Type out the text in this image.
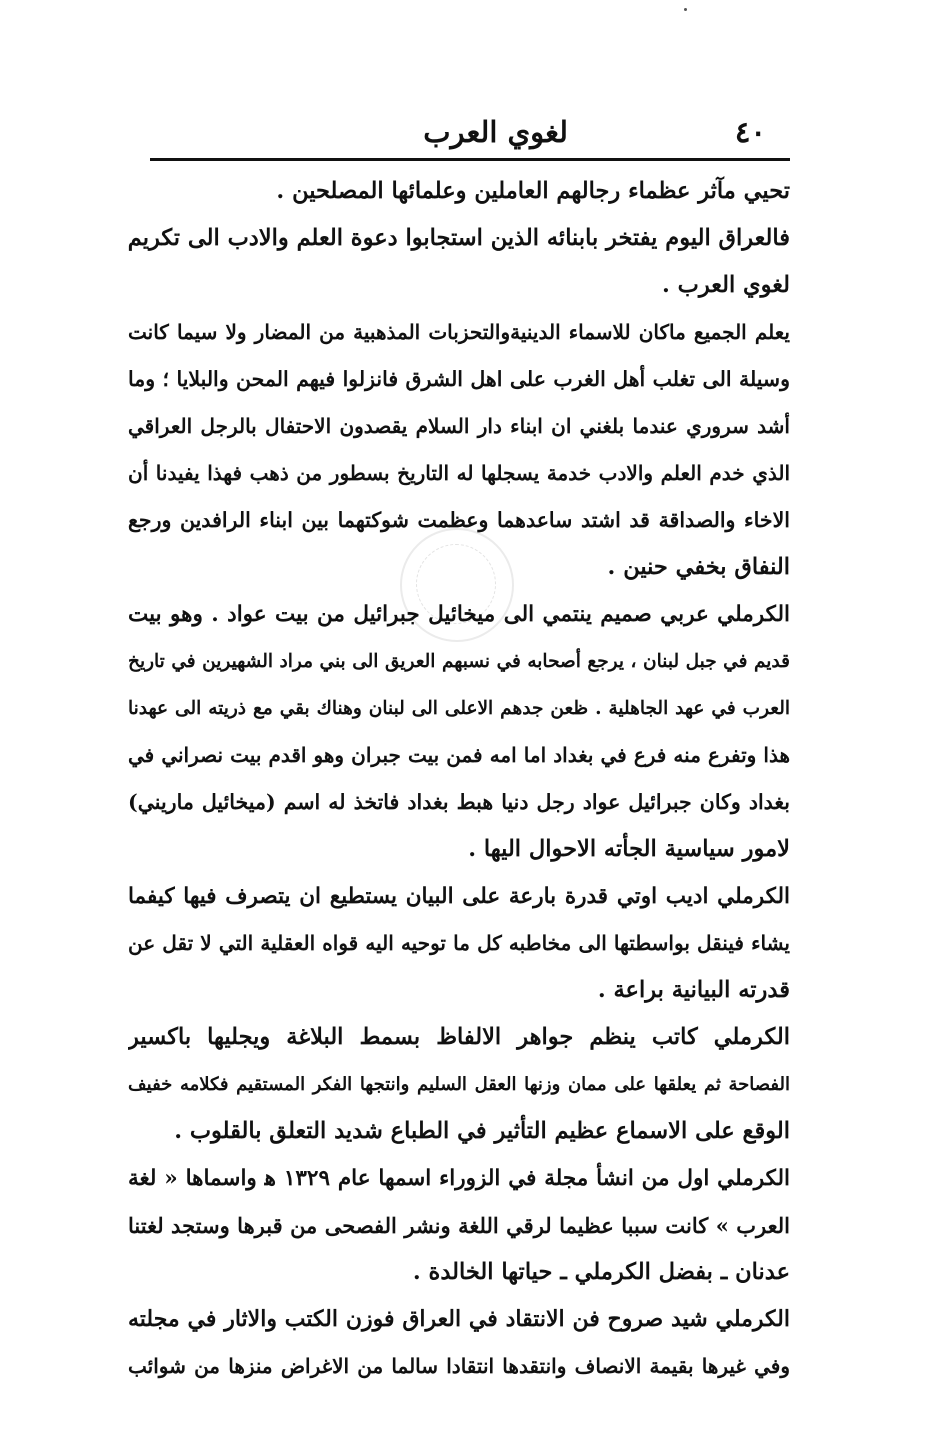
لغوي العرب	٤٠
تحيي مآثر عظماء رجالهم العاملين وعلمائها المصلحين .
فالعراق اليوم يفتخر بابنائه الذين استجابوا دعوة العلم والادب الى تكريم
لغوي العرب .
يعلم الجميع ماكان للاسماء الدينيةوالتحزبات المذهبية من المضار ولا سيما كانت
وسيلة الى تغلب أهل الغرب على اهل الشرق فانزلوا فيهم المحن والبلايا ؛ وما
أشد سروري عندما بلغني ان ابناء دار السلام يقصدون الاحتفال بالرجل العراقي
الذي خدم العلم والادب خدمة يسجلها له التاريخ بسطور من ذهب فهذا يفيدنا أن
الاخاء والصداقة قد اشتد ساعدهما وعظمت شوكتهما بين ابناء الرافدين ورجع
النفاق بخفي حنين .
الكرملي عربي صميم ينتمي الى ميخائيل جبرائيل من بيت عواد . وهو بيت
قديم في جبل لبنان ، يرجع أصحابه في نسبهم العريق الى بني مراد الشهيرين في تاريخ
العرب في عهد الجاهلية . ظعن جدهم الاعلى الى لبنان وهناك بقي مع ذريته الى عهدنا
هذا وتفرع منه فرع في بغداد اما امه فمن بيت جبران وهو اقدم بيت نصراني في
بغداد وكان جبرائيل عواد رجل دنيا هبط بغداد فاتخذ له اسم (ميخائيل ماريني)
لامور سياسية الجأته الاحوال اليها .
الكرملي اديب اوتي قدرة بارعة على البيان يستطيع ان يتصرف فيها كيفما
يشاء فينقل بواسطتها الى مخاطبه كل ما توحيه اليه قواه العقلية التي لا تقل عن
قدرته البيانية براعة .
الكرملي كاتب ينظم جواهر الالفاظ بسمط البلاغة ويجليها باكسير
الفصاحة ثم يعلقها على ممان وزنها العقل السليم وانتجها الفكر المستقيم فكلامه خفيف
الوقع على الاسماع عظيم التأثير في الطباع شديد التعلق بالقلوب .
الكرملي اول من انشأ مجلة في الزوراء اسمها عام ١٣٢٩ ﻫ واسماها « لغة
العرب » كانت سببا عظيما لرقي اللغة ونشر الفصحى من قبرها وستجد لغتنا
عدنان ـ بفضل الكرملي ـ حياتها الخالدة .
الكرملي شيد صروح فن الانتقاد في العراق فوزن الكتب والاثار في مجلته
وفي غيرها بقيمة الانصاف وانتقدها انتقادا سالما من الاغراض منزها من شوائب
